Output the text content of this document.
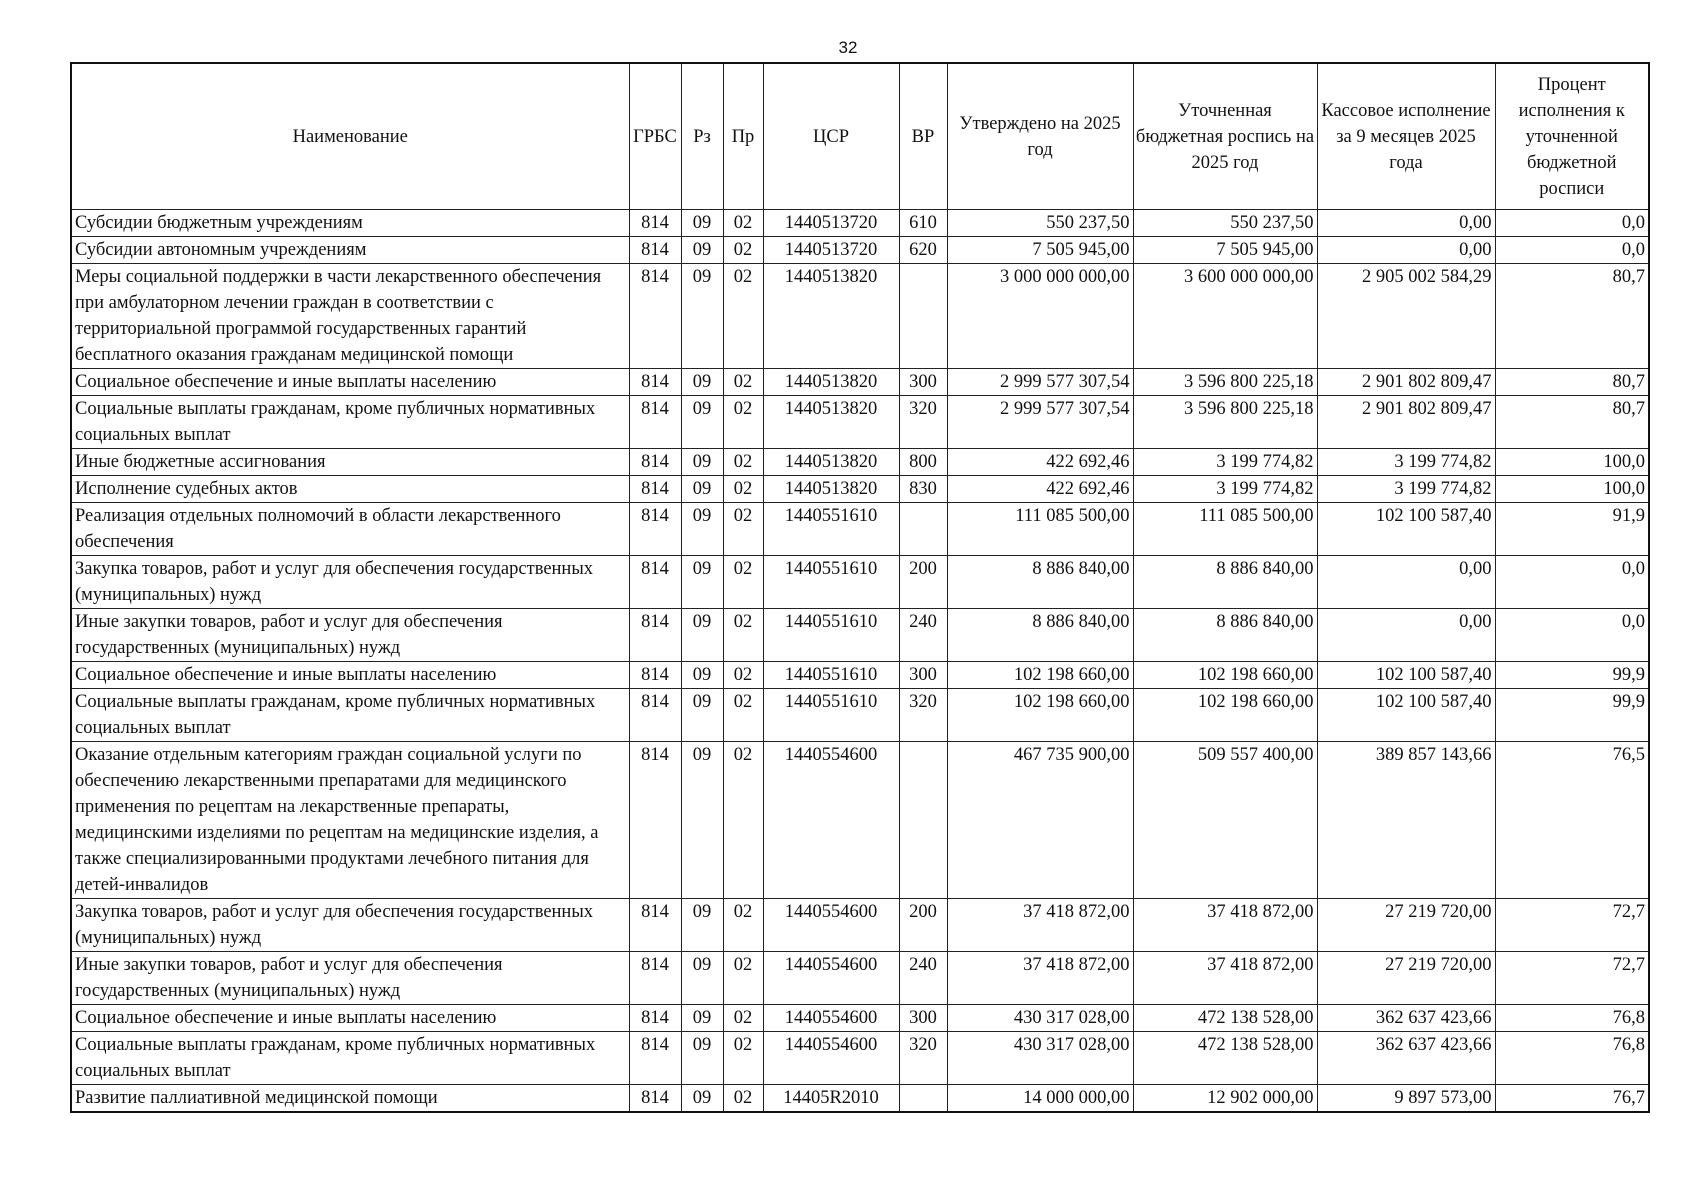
32
Наименование	ГРБС	Рз	Пр	ЦСР	ВР	Утверждено на 2025 год	Уточненная бюджетная роспись на 2025 год	Кассовое исполнение за 9 месяцев 2025 года	Процент исполнения к уточненной бюджетной росписи
Субсидии бюджетным учреждениям	814	09	02	1440513720	610	550 237,50	550 237,50	0,00	0,0
Субсидии автономным учреждениям	814	09	02	1440513720	620	7 505 945,00	7 505 945,00	0,00	0,0
Меры социальной поддержки в части лекарственного обеспечения при амбулаторном лечении граждан в соответствии с территориальной программой государственных гарантий бесплатного оказания гражданам медицинской помощи	814	09	02	1440513820		3 000 000 000,00	3 600 000 000,00	2 905 002 584,29	80,7
Социальное обеспечение и иные выплаты населению	814	09	02	1440513820	300	2 999 577 307,54	3 596 800 225,18	2 901 802 809,47	80,7
Социальные выплаты гражданам, кроме публичных нормативных социальных выплат	814	09	02	1440513820	320	2 999 577 307,54	3 596 800 225,18	2 901 802 809,47	80,7
Иные бюджетные ассигнования	814	09	02	1440513820	800	422 692,46	3 199 774,82	3 199 774,82	100,0
Исполнение судебных актов	814	09	02	1440513820	830	422 692,46	3 199 774,82	3 199 774,82	100,0
Реализация отдельных полномочий в области лекарственного обеспечения	814	09	02	1440551610		111 085 500,00	111 085 500,00	102 100 587,40	91,9
Закупка товаров, работ и услуг для обеспечения государственных (муниципальных) нужд	814	09	02	1440551610	200	8 886 840,00	8 886 840,00	0,00	0,0
Иные закупки товаров, работ и услуг для обеспечения государственных (муниципальных) нужд	814	09	02	1440551610	240	8 886 840,00	8 886 840,00	0,00	0,0
Социальное обеспечение и иные выплаты населению	814	09	02	1440551610	300	102 198 660,00	102 198 660,00	102 100 587,40	99,9
Социальные выплаты гражданам, кроме публичных нормативных социальных выплат	814	09	02	1440551610	320	102 198 660,00	102 198 660,00	102 100 587,40	99,9
Оказание отдельным категориям граждан социальной услуги по обеспечению лекарственными препаратами для медицинского применения по рецептам на лекарственные препараты, медицинскими изделиями по рецептам на медицинские изделия, а также специализированными продуктами лечебного питания для детей-инвалидов	814	09	02	1440554600		467 735 900,00	509 557 400,00	389 857 143,66	76,5
Закупка товаров, работ и услуг для обеспечения государственных (муниципальных) нужд	814	09	02	1440554600	200	37 418 872,00	37 418 872,00	27 219 720,00	72,7
Иные закупки товаров, работ и услуг для обеспечения государственных (муниципальных) нужд	814	09	02	1440554600	240	37 418 872,00	37 418 872,00	27 219 720,00	72,7
Социальное обеспечение и иные выплаты населению	814	09	02	1440554600	300	430 317 028,00	472 138 528,00	362 637 423,66	76,8
Социальные выплаты гражданам, кроме публичных нормативных социальных выплат	814	09	02	1440554600	320	430 317 028,00	472 138 528,00	362 637 423,66	76,8
Развитие паллиативной медицинской помощи	814	09	02	14405R2010		14 000 000,00	12 902 000,00	9 897 573,00	76,7
